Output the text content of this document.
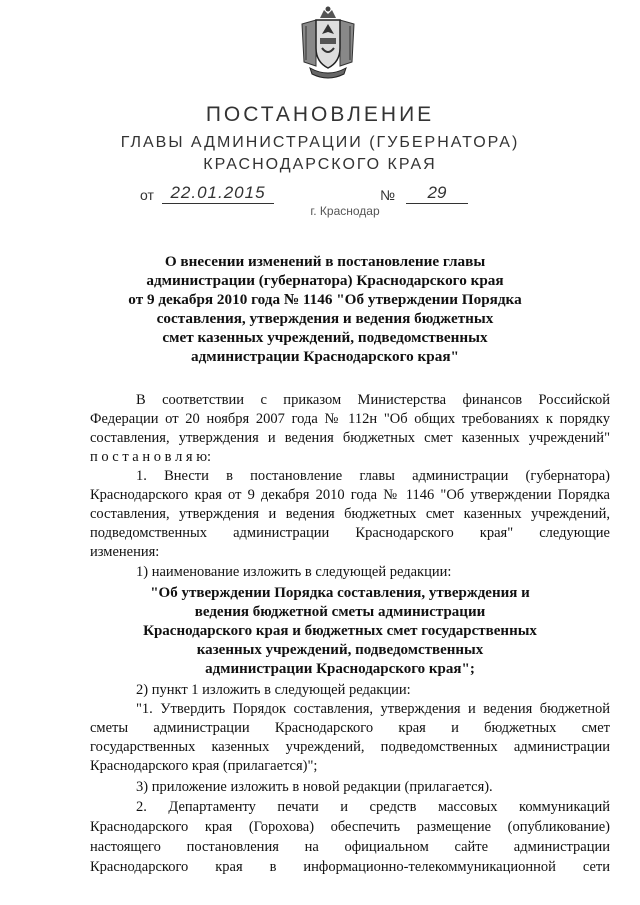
ПОСТАНОВЛЕНИЕ
ГЛАВЫ АДМИНИСТРАЦИИ (ГУБЕРНАТОРА)
КРАСНОДАРСКОГО КРАЯ
от 22.01.2015	№	29
г. Краснодар
О внесении изменений в постановление главы
администрации (губернатора) Краснодарского края
от 9 декабря 2010 года № 1146 "Об утверждении Порядка
составления, утверждения и ведения бюджетных
смет казенных учреждений, подведомственных
администрации Краснодарского края"
В соответствии с приказом Министерства финансов Российской
Федерации от 20 ноября 2007 года № 112н "Об общих требованиях к порядку
составления, утверждения и ведения бюджетных смет казенных учреждений"
п о с т а н о в л я ю:
1. Внести в постановление главы администрации (губернатора)
Краснодарского края от 9 декабря 2010 года № 1146 "Об утверждении Порядка
составления, утверждения и ведения бюджетных смет казенных учреждений,
подведомственных администрации Краснодарского края" следующие
изменения:
1) наименование изложить в следующей редакции:
"Об утверждении Порядка составления, утверждения и
ведения бюджетной сметы администрации
Краснодарского края и бюджетных смет государственных
казенных учреждений, подведомственных
администрации Краснодарского края";
2) пункт 1 изложить в следующей редакции:
"1. Утвердить Порядок составления, утверждения и ведения бюджетной
сметы администрации Краснодарского края и бюджетных смет
государственных казенных учреждений, подведомственных администрации
Краснодарского края (прилагается)";
3) приложение изложить в новой редакции (прилагается).
2. Департаменту печати и средств массовых коммуникаций
Краснодарского края (Горохова) обеспечить размещение (опубликование)
настоящего постановления на официальном сайте администрации
Краснодарского края в информационно-телекоммуникационной сети
